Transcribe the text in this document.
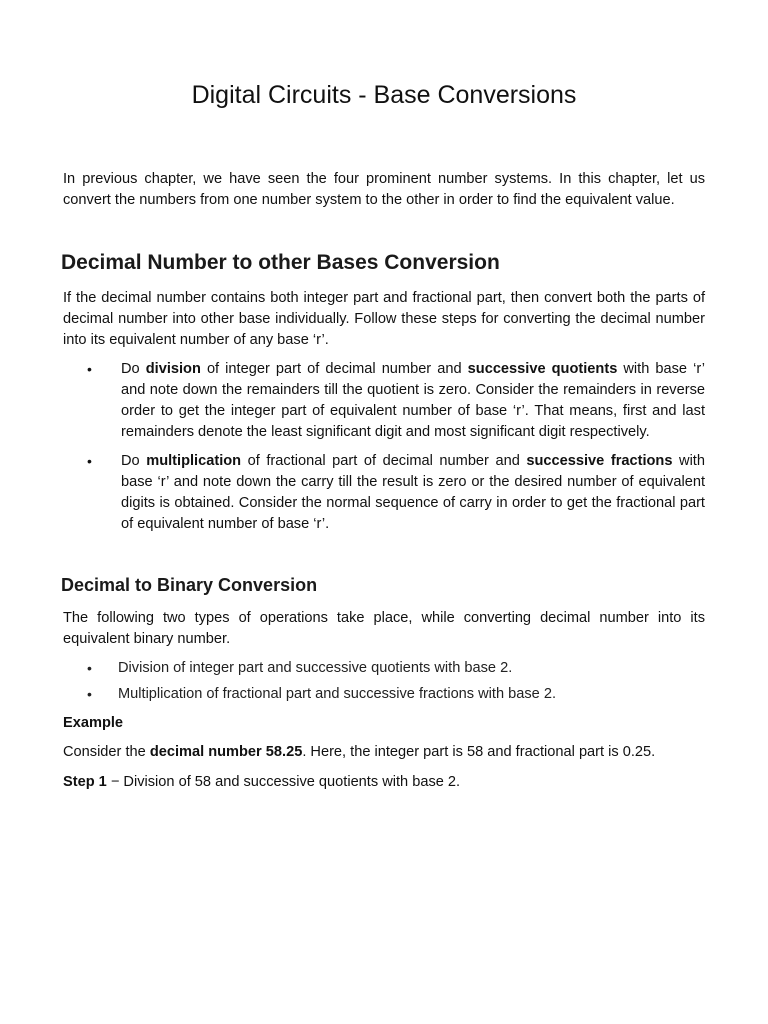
Digital Circuits - Base Conversions

In previous chapter, we have seen the four prominent number systems. In this chapter, let us convert the numbers from one number system to the other in order to find the equivalent value.

Decimal Number to other Bases Conversion

If the decimal number contains both integer part and fractional part, then convert both the parts of decimal number into other base individually. Follow these steps for converting the decimal number into its equivalent number of any base ‘r’.

• Do division of integer part of decimal number and successive quotients with base ‘r’ and note down the remainders till the quotient is zero. Consider the remainders in reverse order to get the integer part of equivalent number of base ‘r’. That means, first and last remainders denote the least significant digit and most significant digit respectively.
• Do multiplication of fractional part of decimal number and successive fractions with base ‘r’ and note down the carry till the result is zero or the desired number of equivalent digits is obtained. Consider the normal sequence of carry in order to get the fractional part of equivalent number of base ‘r’.
Decimal to Binary Conversion

The following two types of operations take place, while converting decimal number into its equivalent binary number.

• Division of integer part and successive quotients with base 2.
• Multiplication of fractional part and successive fractions with base 2.

Example

Consider the decimal number 58.25. Here, the integer part is 58 and fractional part is 0.25.

Step 1 − Division of 58 and successive quotients with base 2.
